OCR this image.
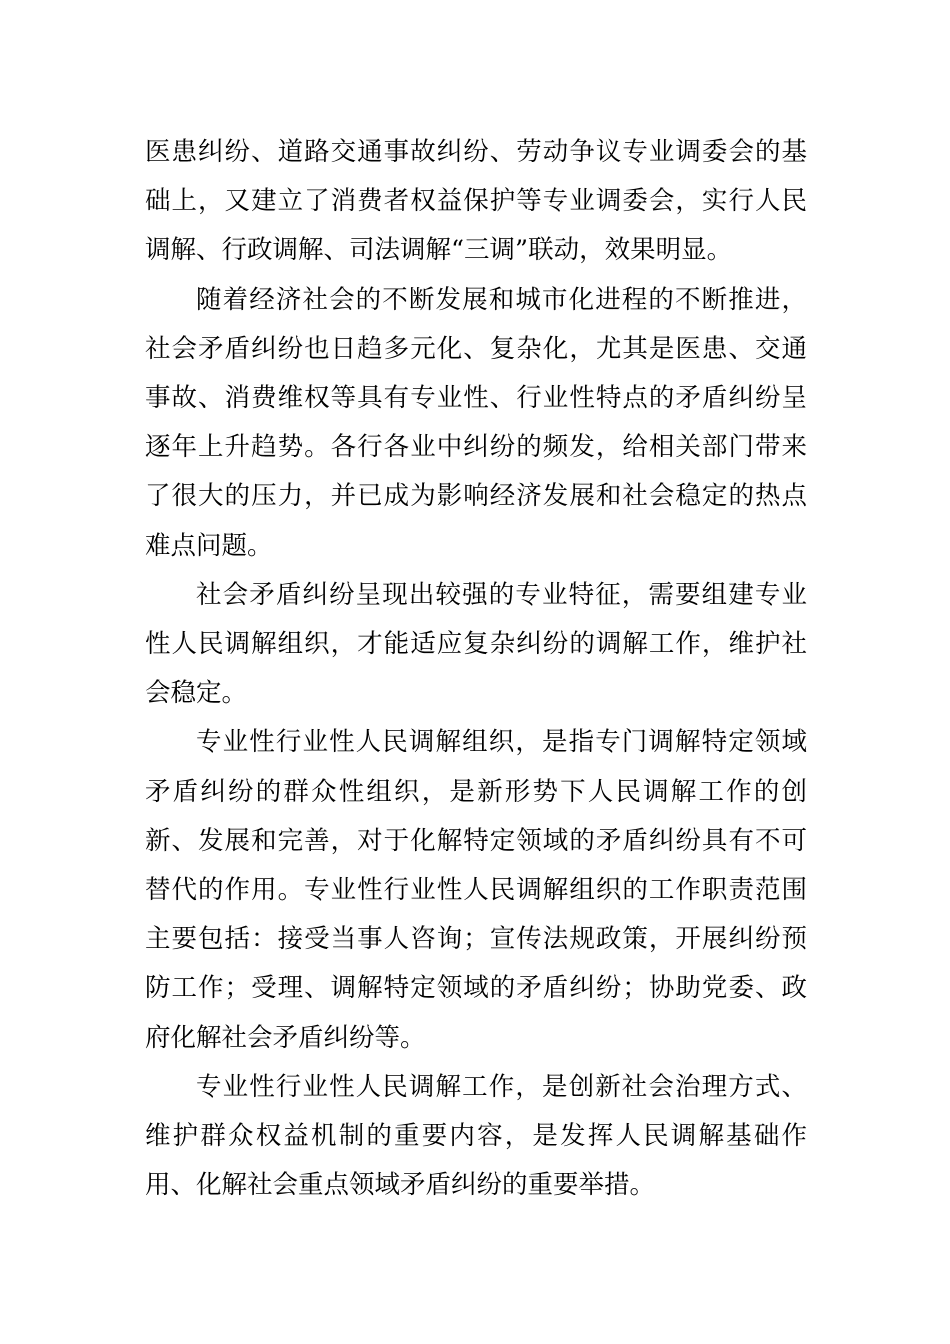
医患纠纷、道路交通事故纠纷、劳动争议专业调委会的基础上，又建立了消费者权益保护等专业调委会，实行人民调解、行政调解、司法调解“三调”联动，效果明显。

随着经济社会的不断发展和城市化进程的不断推进，社会矛盾纠纷也日趋多元化、复杂化，尤其是医患、交通事故、消费维权等具有专业性、行业性特点的矛盾纠纷呈逐年上升趋势。各行各业中纠纷的频发，给相关部门带来了很大的压力，并已成为影响经济发展和社会稳定的热点难点问题。

社会矛盾纠纷呈现出较强的专业特征，需要组建专业性人民调解组织，才能适应复杂纠纷的调解工作，维护社会稳定。

专业性行业性人民调解组织，是指专门调解特定领域矛盾纠纷的群众性组织，是新形势下人民调解工作的创新、发展和完善，对于化解特定领域的矛盾纠纷具有不可替代的作用。专业性行业性人民调解组织的工作职责范围主要包括：接受当事人咨询；宣传法规政策，开展纠纷预防工作；受理、调解特定领域的矛盾纠纷；协助党委、政府化解社会矛盾纠纷等。

专业性行业性人民调解工作，是创新社会治理方式、维护群众权益机制的重要内容，是发挥人民调解基础作用、化解社会重点领域矛盾纠纷的重要举措。
